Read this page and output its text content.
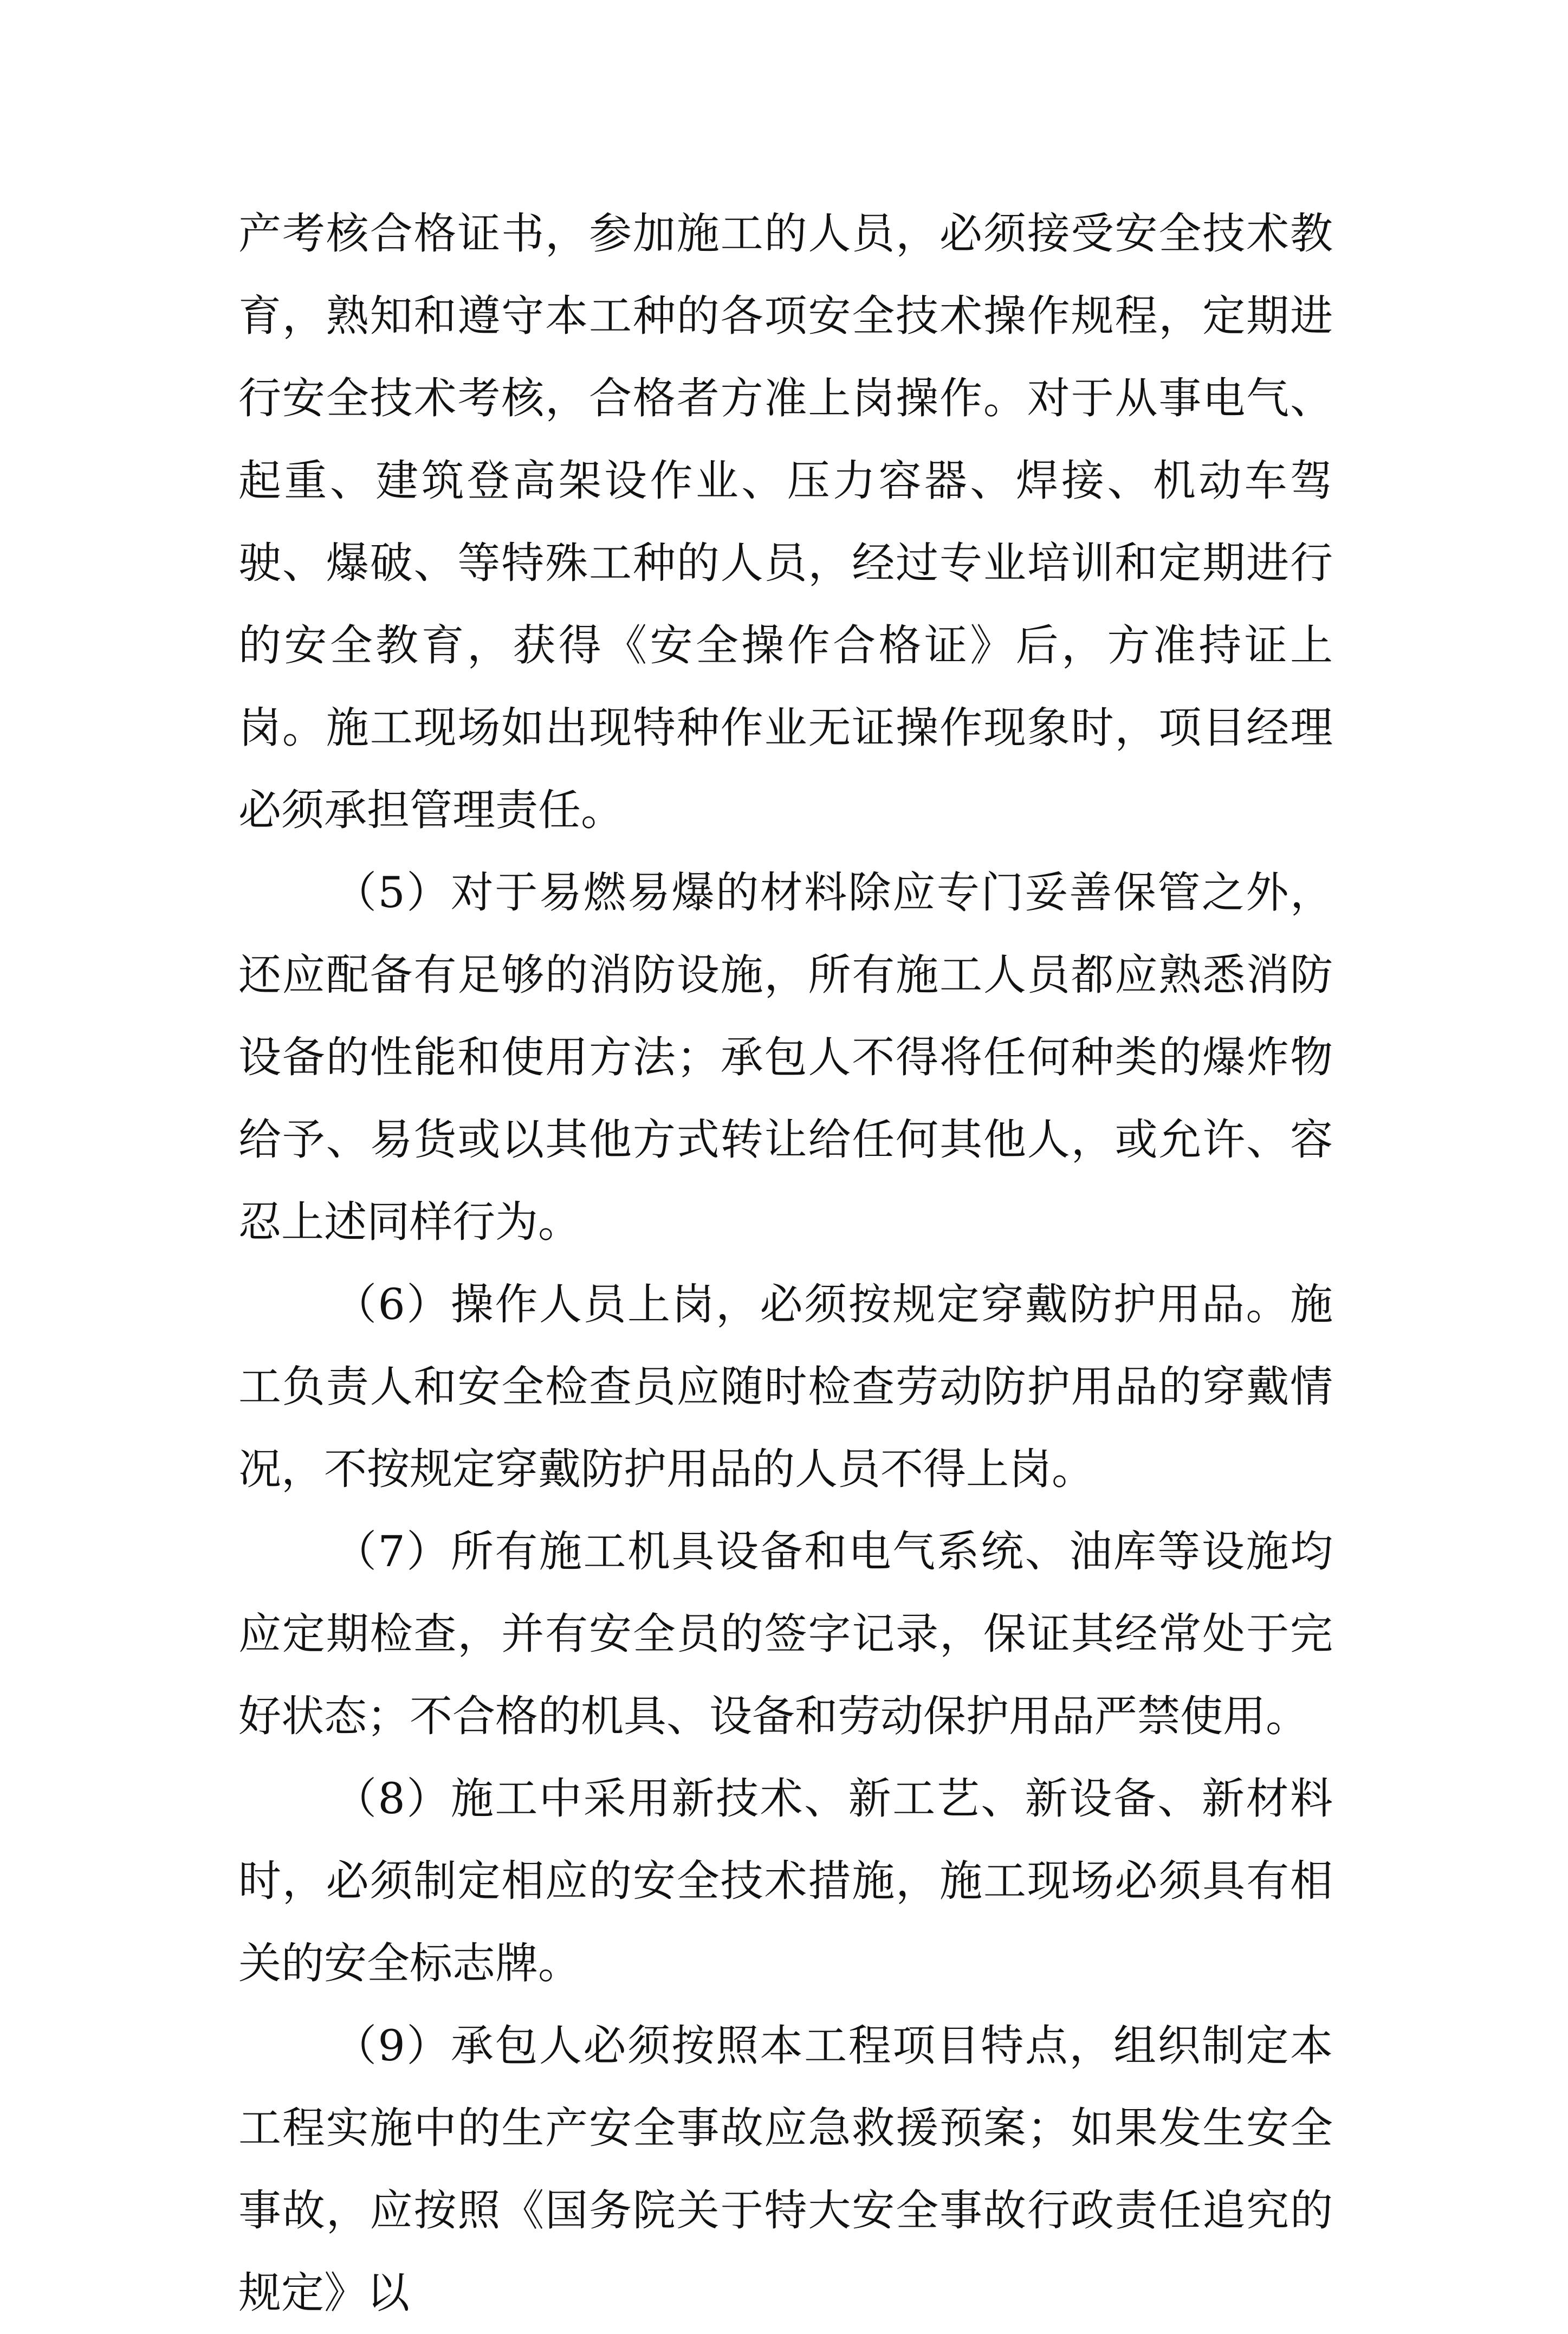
产考核合格证书，参加施工的人员，必须接受安全技术教育，熟知和遵守本工种的各项安全技术操作规程，定期进行安全技术考核，合格者方准上岗操作。对于从事电气、起重、建筑登高架设作业、压力容器、焊接、机动车驾驶、爆破、等特殊工种的人员，经过专业培训和定期进行的安全教育，获得《安全操作合格证》后，方准持证上岗。施工现场如出现特种作业无证操作现象时，项目经理必须承担管理责任。

（5）对于易燃易爆的材料除应专门妥善保管之外，还应配备有足够的消防设施，所有施工人员都应熟悉消防设备的性能和使用方法；承包人不得将任何种类的爆炸物给予、易货或以其他方式转让给任何其他人，或允许、容忍上述同样行为。

（6）操作人员上岗，必须按规定穿戴防护用品。施工负责人和安全检查员应随时检查劳动防护用品的穿戴情况，不按规定穿戴防护用品的人员不得上岗。

（7）所有施工机具设备和电气系统、油库等设施均应定期检查，并有安全员的签字记录，保证其经常处于完好状态；不合格的机具、设备和劳动保护用品严禁使用。

（8）施工中采用新技术、新工艺、新设备、新材料时，必须制定相应的安全技术措施，施工现场必须具有相关的安全标志牌。

（9）承包人必须按照本工程项目特点，组织制定本工程实施中的生产安全事故应急救援预案；如果发生安全事故，应按照《国务院关于特大安全事故行政责任追究的规定》以
